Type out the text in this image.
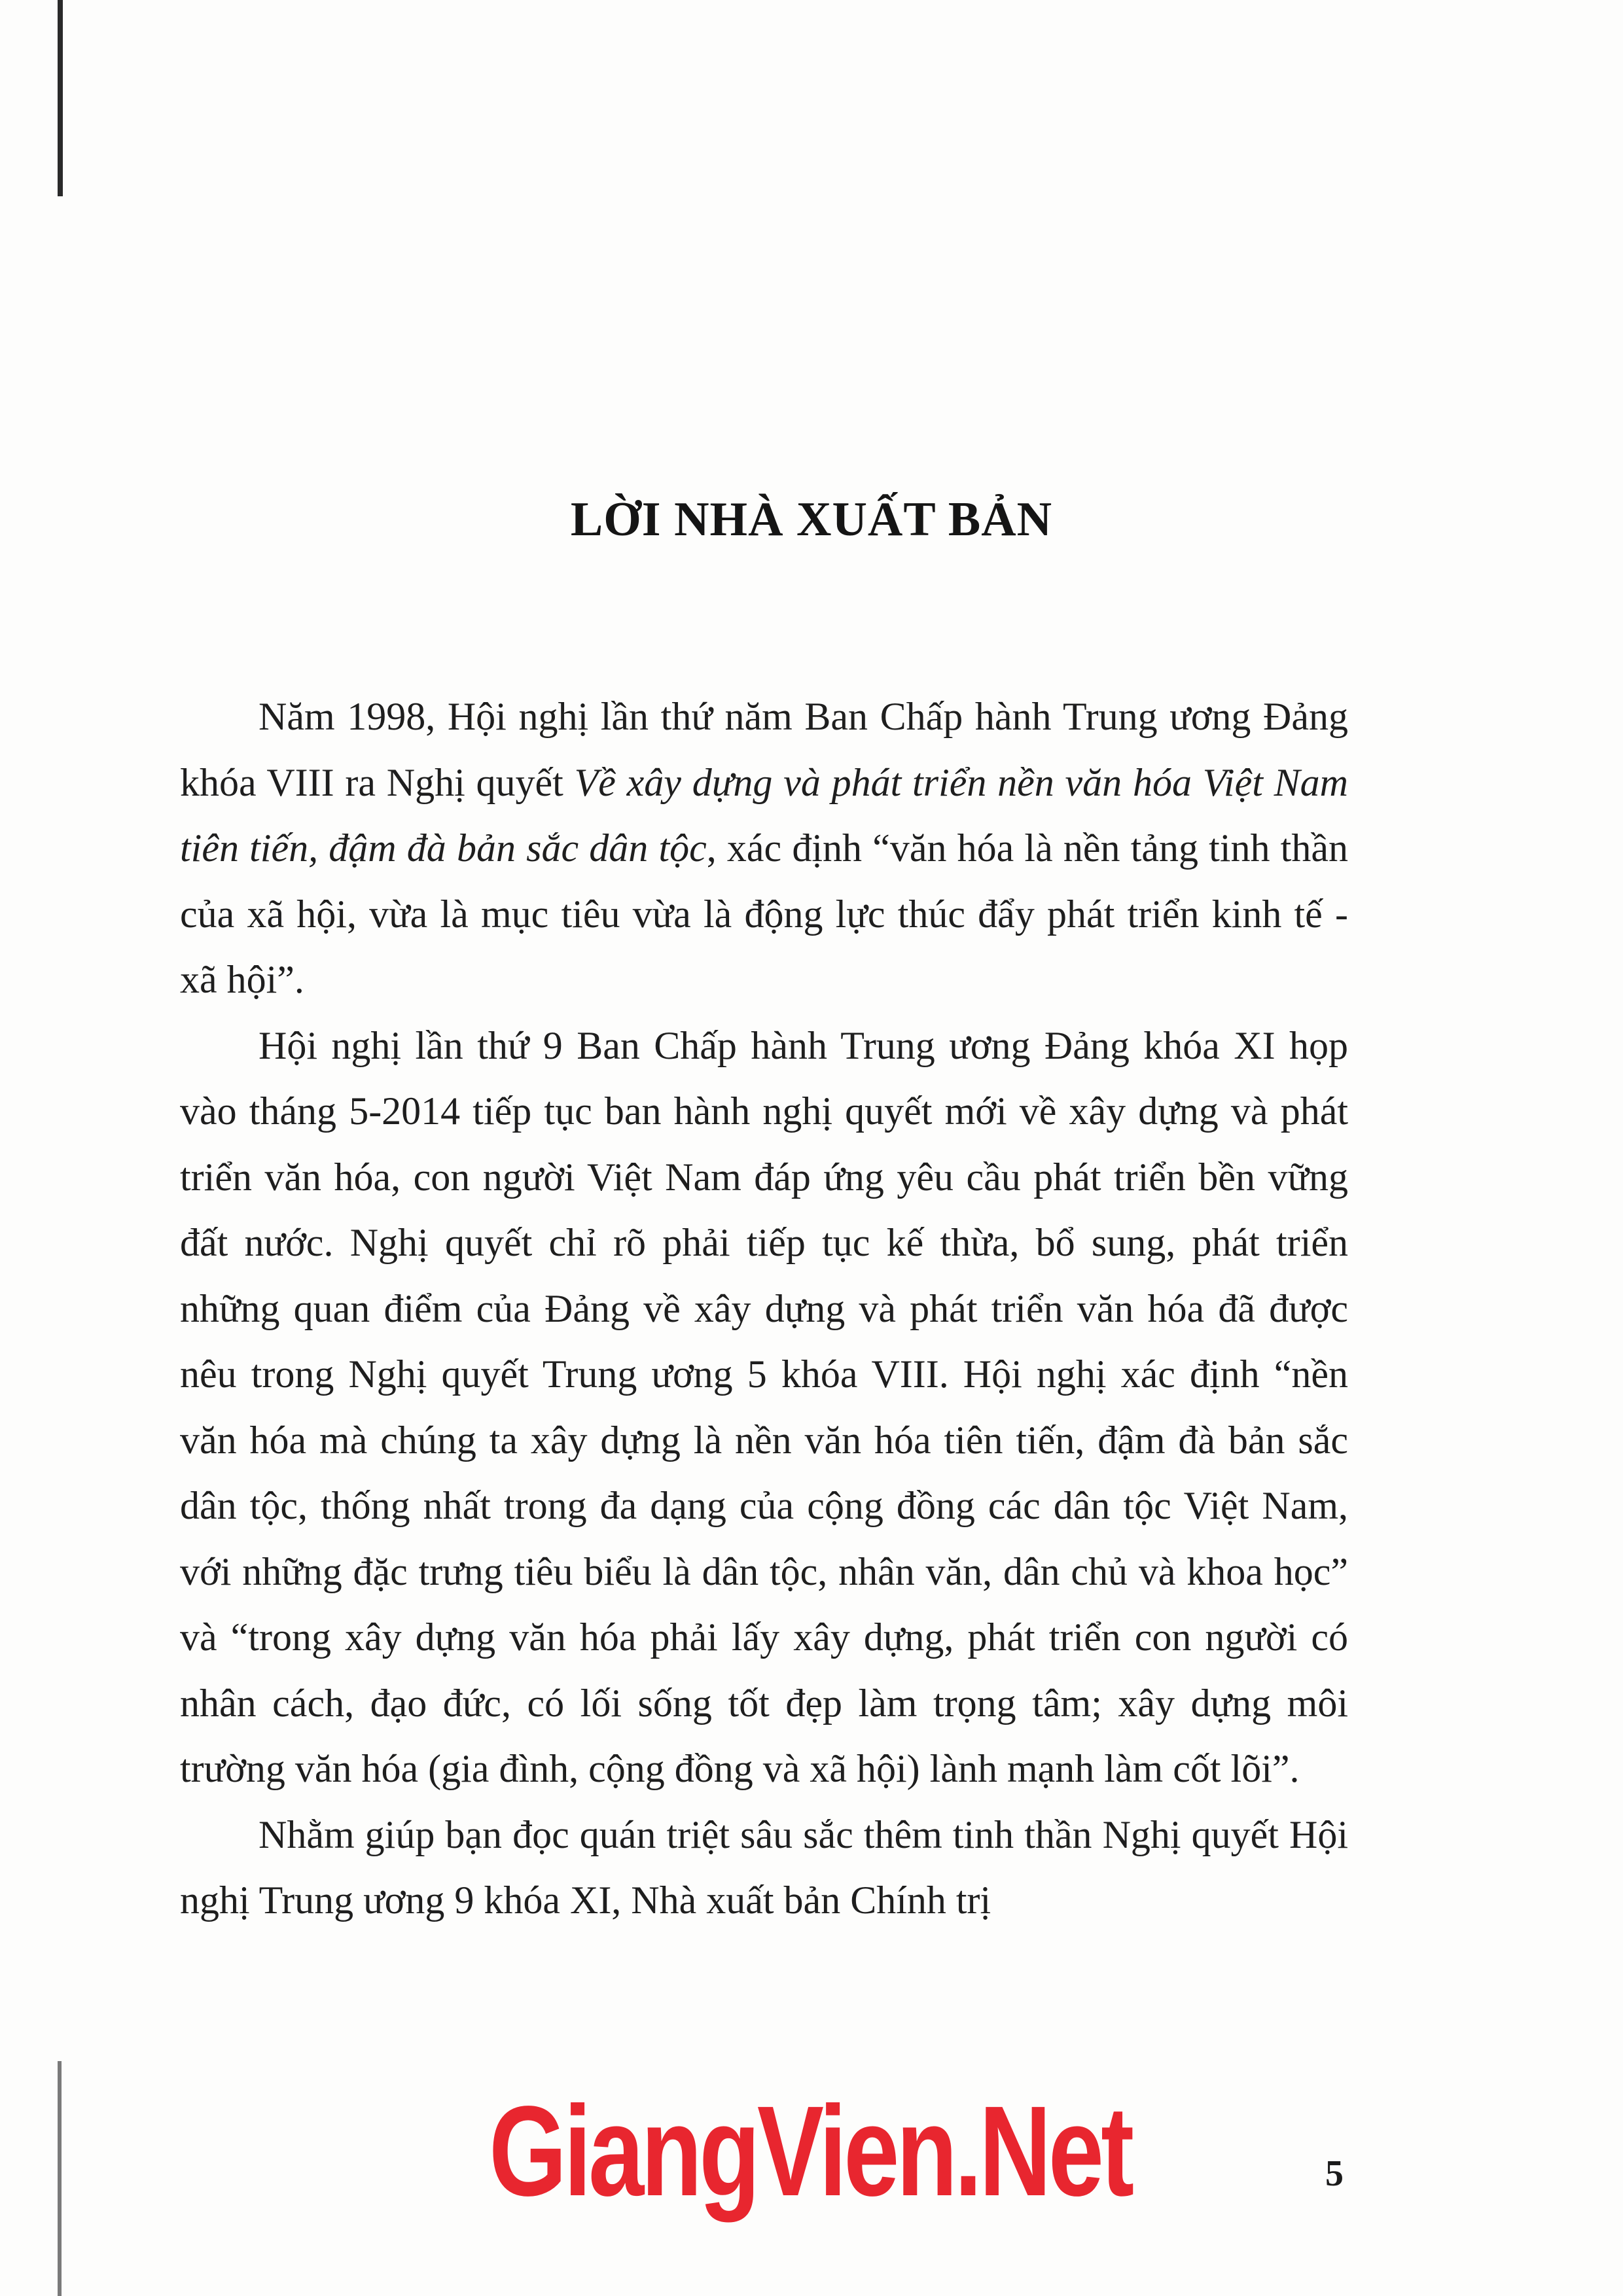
LỜI NHÀ XUẤT BẢN

Năm 1998, Hội nghị lần thứ năm Ban Chấp hành Trung ương Đảng khóa VIII ra Nghị quyết Về xây dựng và phát triển nền văn hóa Việt Nam tiên tiến, đậm đà bản sắc dân tộc, xác định “văn hóa là nền tảng tinh thần của xã hội, vừa là mục tiêu vừa là động lực thúc đẩy phát triển kinh tế - xã hội”.

Hội nghị lần thứ 9 Ban Chấp hành Trung ương Đảng khóa XI họp vào tháng 5-2014 tiếp tục ban hành nghị quyết mới về xây dựng và phát triển văn hóa, con người Việt Nam đáp ứng yêu cầu phát triển bền vững đất nước. Nghị quyết chỉ rõ phải tiếp tục kế thừa, bổ sung, phát triển những quan điểm của Đảng về xây dựng và phát triển văn hóa đã được nêu trong Nghị quyết Trung ương 5 khóa VIII. Hội nghị xác định “nền văn hóa mà chúng ta xây dựng là nền văn hóa tiên tiến, đậm đà bản sắc dân tộc, thống nhất trong đa dạng của cộng đồng các dân tộc Việt Nam, với những đặc trưng tiêu biểu là dân tộc, nhân văn, dân chủ và khoa học” và “trong xây dựng văn hóa phải lấy xây dựng, phát triển con người có nhân cách, đạo đức, có lối sống tốt đẹp làm trọng tâm; xây dựng môi trường văn hóa (gia đình, cộng đồng và xã hội) lành mạnh làm cốt lõi”.

Nhằm giúp bạn đọc quán triệt sâu sắc thêm tinh thần Nghị quyết Hội nghị Trung ương 9 khóa XI, Nhà xuất bản Chính trị

GiangVien.Net	5
